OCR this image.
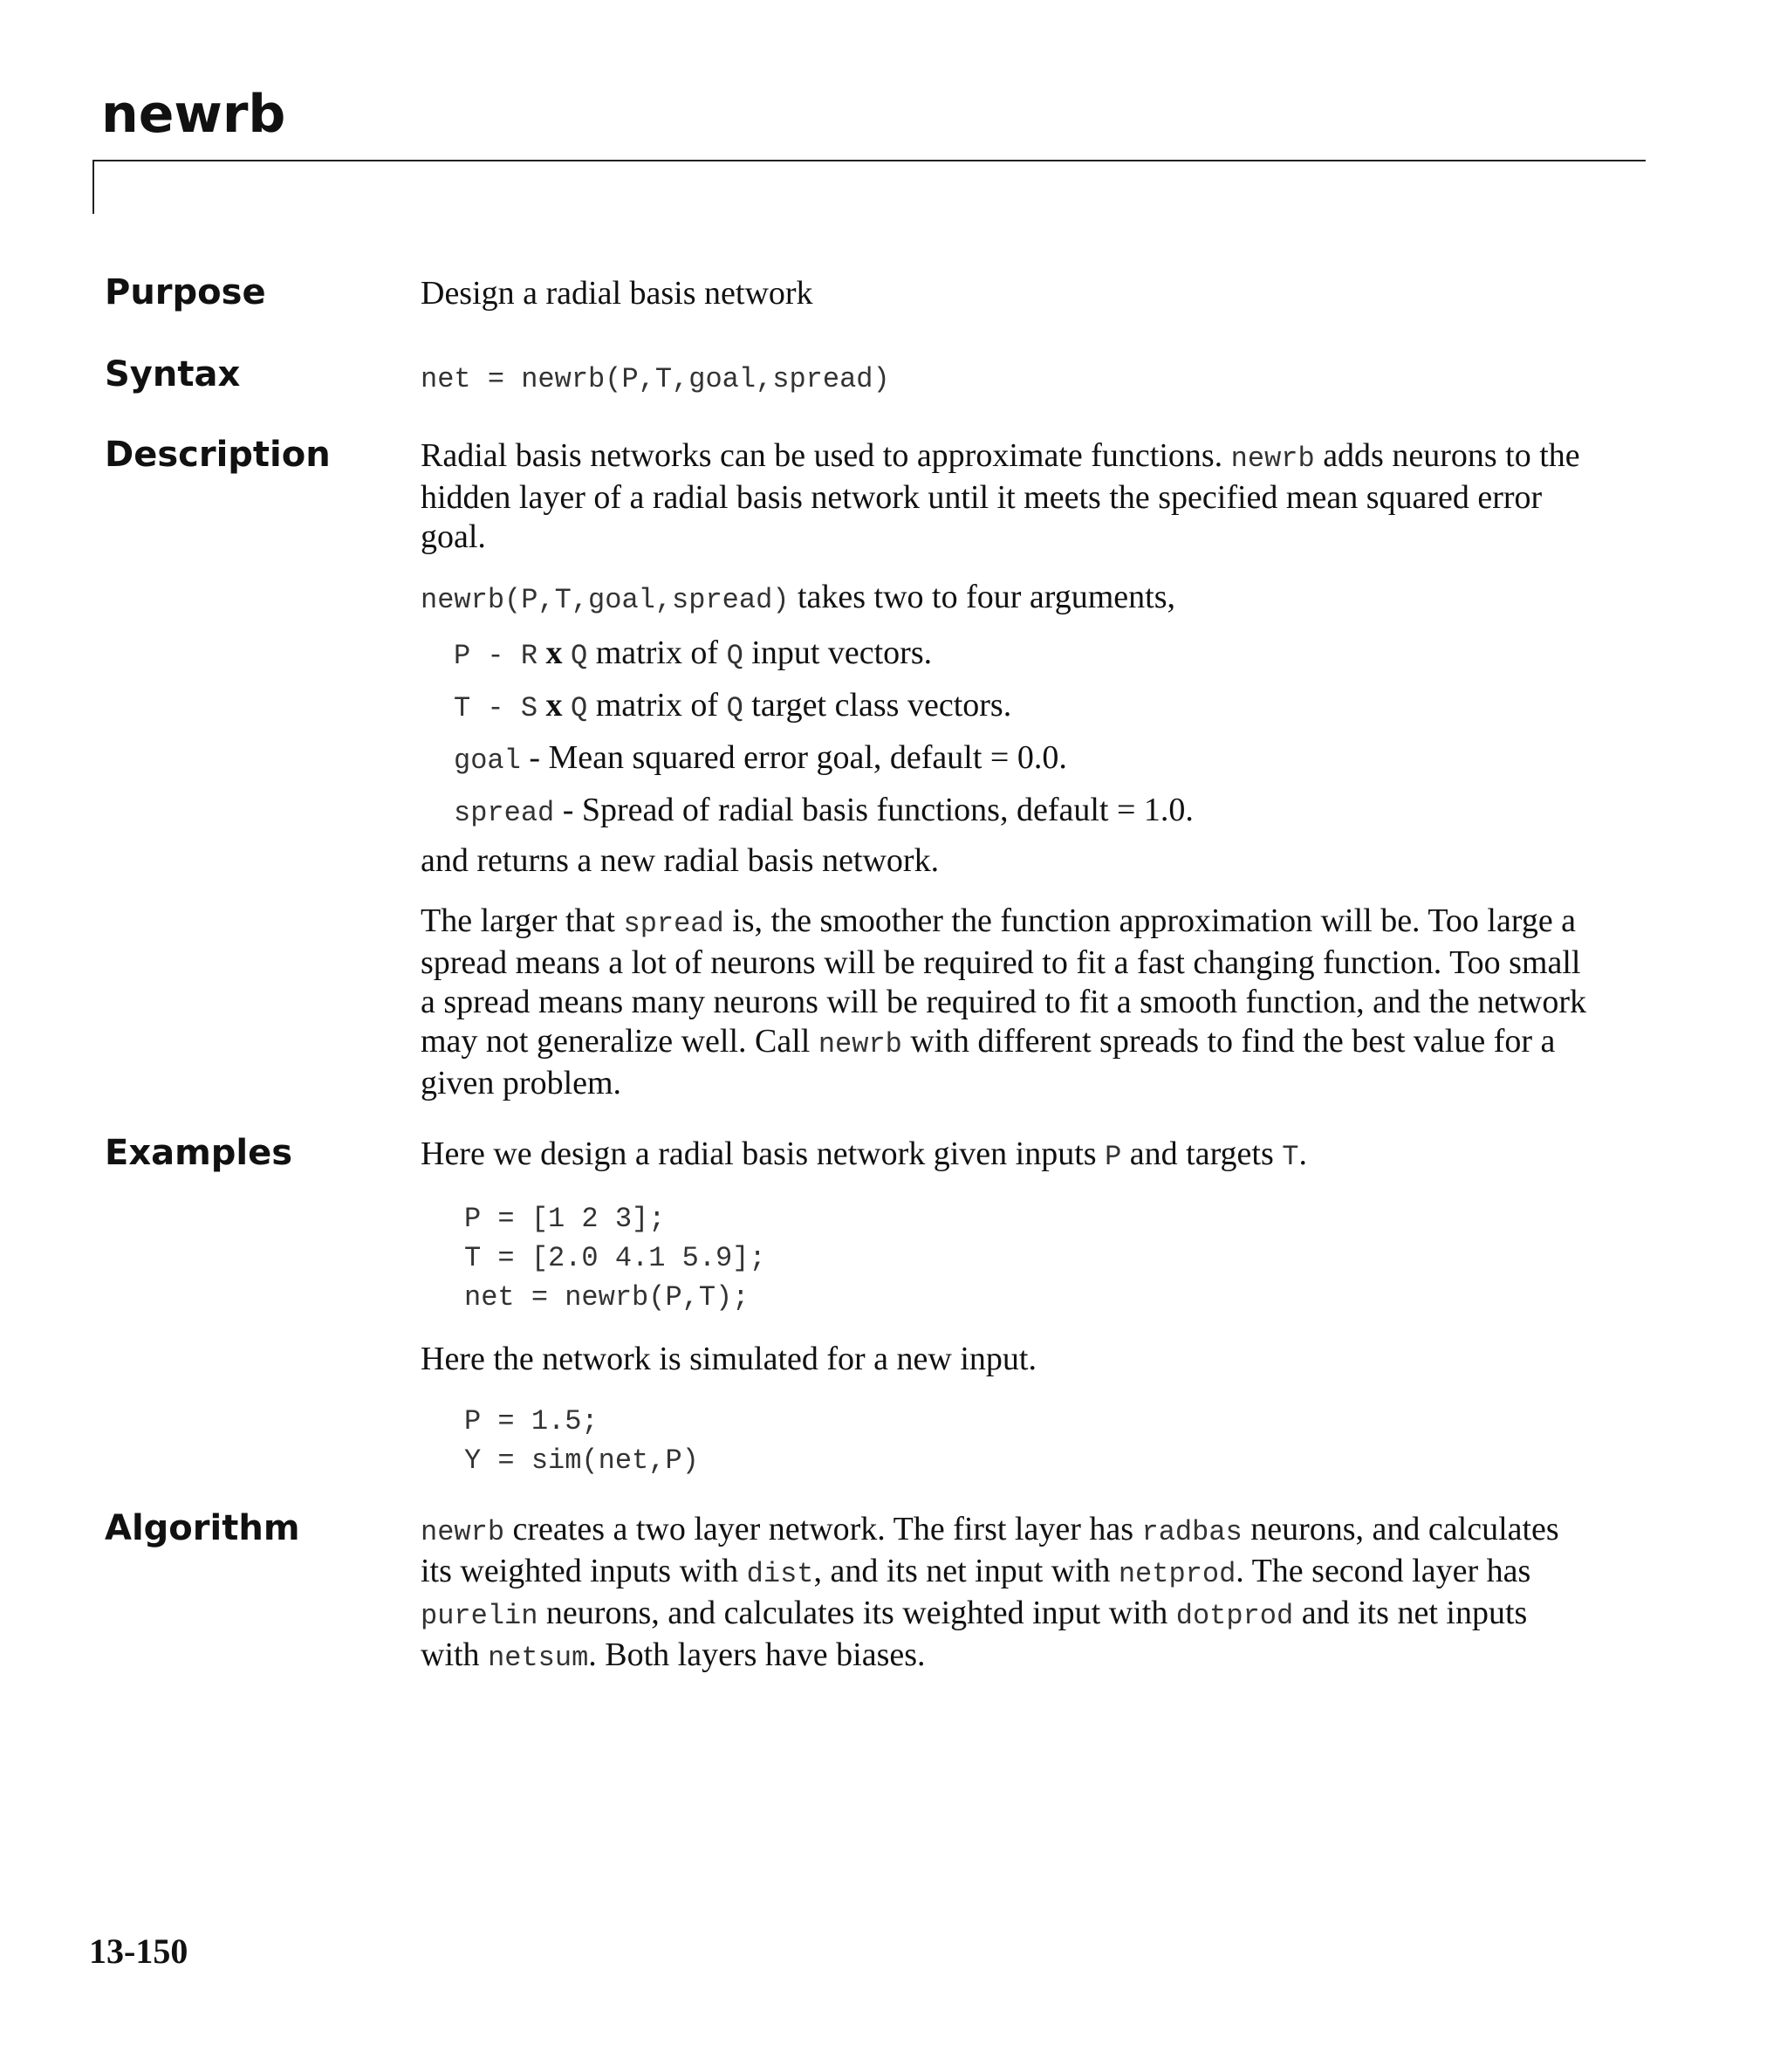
newrb
Purpose	Design a radial basis network

Syntax	net = newrb(P,T,goal,spread)
Description	Radial basis networks can be used to approximate functions. newrb adds neurons to the hidden layer of a radial basis network until it meets the specified mean squared error goal.

newrb(P,T,goal,spread) takes two to four arguments,

P - R x Q matrix of Q input vectors.
T - S x Q matrix of Q target class vectors.
goal - Mean squared error goal, default = 0.0.
spread - Spread of radial basis functions, default = 1.0.

and returns a new radial basis network.

The larger that spread is, the smoother the function approximation will be. Too large a spread means a lot of neurons will be required to fit a fast changing function. Too small a spread means many neurons will be required to fit a smooth function, and the network may not generalize well. Call newrb with different spreads to find the best value for a given problem.

Examples	Here we design a radial basis network given inputs P and targets T.

P = [1 2 3];
T = [2.0 4.1 5.9];
net = newrb(P,T);

Here the network is simulated for a new input.

P = 1.5;
Y = sim(net,P)
Algorithm	newrb creates a two layer network. The first layer has radbas neurons, and calculates its weighted inputs with dist, and its net input with netprod. The second layer has purelin neurons, and calculates its weighted input with dotprod and its net inputs with netsum. Both layers have biases.

13-150
